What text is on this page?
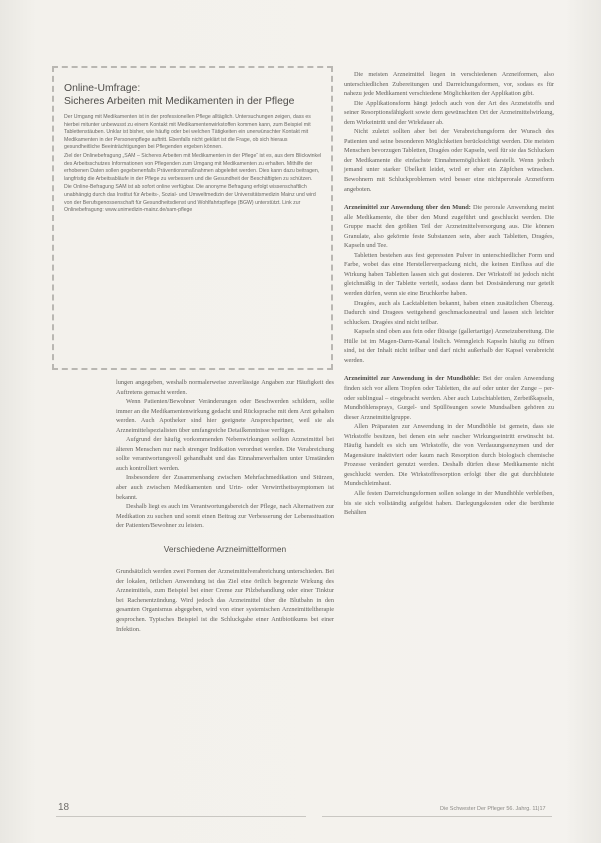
Online-Umfrage:
Sicheres Arbeiten mit Medikamenten in der Pflege

Der Umgang mit Medikamenten ist in der professionellen Pflege alltäglich. Untersuchungen zeigen, dass es hierbei mitunter unbewusst zu einem Kontakt mit Medikamentenwirkstoffen kommen kann, zum Beispiel mit Tablettenstäuben. Unklar ist bisher, wie häufig oder bei welchen Tätigkeiten ein unerwünschter Kontakt mit Medikamenten in der Personenpflege auftritt. Ebenfalls nicht geklärt ist die Frage, ob sich hieraus gesundheitliche Beeinträchtigungen bei Pflegenden ergeben können.

Ziel der Onlinebefragung „SAM – Sicheres Arbeiten mit Medikamenten in der Pflege“ ist es, aus dem Blickwinkel des Arbeitsschutzes Informationen von Pflegenden zum Umgang mit Medikamenten zu erhalten. Mithilfe der erhobenen Daten sollen gegebenenfalls Präventionsmaßnahmen abgeleitet werden. Dies kann dazu beitragen, langfristig die Arbeitsabläufe in der Pflege zu verbessern und die Gesundheit der Beschäftigten zu schützen.

Die Online-Befragung SAM ist ab sofort online verfügbar. Die anonyme Befragung erfolgt wissenschaftlich unabhängig durch das Institut für Arbeits-, Sozial- und Umweltmedizin der Universitätsmedizin Mainz und wird von der Berufsgenossenschaft für Gesundheitsdienst und Wohlfahrtspflege (BGW) unterstützt. Link zur Onlinebefragung: www.unimedizin-mainz.de/sam-pflege

lungen angegeben, weshalb normalerweise zuverlässige Angaben zur Häufigkeit des Auftretens gemacht werden.

Wenn Patienten/Bewohner Veränderungen oder Beschwerden schildern, sollte immer an die Medikamentenwirkung gedacht und Rücksprache mit dem Arzt gehalten werden. Auch Apotheker sind hier geeignete Ansprechpartner, weil sie als Arzneimittelspezialisten über umfangreiche Detailkenntnisse verfügen.

Aufgrund der häufig vorkommenden Nebenwirkungen sollten Arzneimittel bei älteren Menschen nur nach strenger Indikation verordnet werden. Die Verabreichung sollte verantwortungsvoll gehandhabt und das Einnahmeverhalten unter Umständen auch kontrolliert werden.

Insbesondere der Zusammenhang zwischen Mehrfachmedikation und Stürzen, aber auch zwischen Medikamenten und Urin- oder Verwirrtheitssymptomen ist bekannt.

Deshalb liegt es auch im Verantwortungsbereich der Pflege, nach Alternativen zur Medikation zu suchen und somit einen Beitrag zur Verbesserung der Lebenssituation der Patienten/Bewohner zu leisten.

Verschiedene Arzneimittelformen

Grundsätzlich werden zwei Formen der Arzneimittelverabreichung unterschieden. Bei der lokalen, örtlichen Anwendung ist das Ziel eine örtlich begrenzte Wirkung des Arzneimittels, zum Beispiel bei einer Creme zur Pilzbehandlung oder einer Tinktur bei Rachenentzündung. Wird jedoch das Arzneimittel über die Blutbahn in den gesamten Organismus abgegeben, wird von einer systemischen Arzneimitteltherapie gesprochen. Typisches Beispiel ist die Schluckgabe einer Antibiotikums bei einer Infektion.

Die meisten Arzneimittel liegen in verschiedenen Arzneiformen, also unterschiedlichen Zubereitungen und Darreichungsformen, vor, sodass es für nahezu jede Medikament verschiedene Möglichkeiten der Applikation gibt.

Die Applikationsform hängt jedoch auch von der Art des Arzneistoffs und seiner Resorptionsfähigkeit sowie dem gewünschten Ort der Arzneimittelwirkung, dem Wirkeintritt und der Wirkdauer ab.

Nicht zuletzt sollten aber bei der Verabreichungsform der Wunsch des Patienten und seine besonderen Möglichkeiten berücksichtigt werden. Die meisten Menschen bevorzugen Tabletten, Dragées oder Kapseln, weil für sie das Schlucken der Medikamente die einfachste Einnahmemöglichkeit darstellt. Wenn jedoch jemand unter starker Übelkeit leidet, wird er eher ein Zäpfchen wünschen. Bewohnern mit Schluckproblemen wird besser eine nichtperorale Arzneiform angeboten.

Arzneimittel zur Anwendung über den Mund: Die perorale Anwendung meint alle Medikamente, die über den Mund zugeführt und geschluckt werden. Die Gruppe macht den größten Teil der Arzneimittelversorgung aus. Die können Granulate, also gekörnte feste Substanzen sein, aber auch Tabletten, Dragées, Kapseln und Tee.

Tabletten bestehen aus fest gepressten Pulver in unterschiedlicher Form und Farbe, wobei das eine Herstellerverpackung nicht, die keinen Einfluss auf die Wirkung haben Tabletten lassen sich gut dosieren. Der Wirkstoff ist jedoch nicht gleichmäßig in der Tablette verteilt, sodass dann bei Dosisänderung nur geteilt werden dürfen, wenn sie eine Bruchkerbe haben.

Dragées, auch als Lacktabletten bekannt, haben einen zusätzlichen Überzug. Dadurch sind Dragees weitgehend geschmacksneutral und lassen sich leichter schlucken. Dragées sind nicht teilbar.

Kapseln sind oben aus fein oder flüssige (gallertartige) Arzneizubereitung. Die Hülle ist im Magen-Darm-Kanal löslich. Wenngleich Kapseln häufig zu öffnen sind, ist der Inhalt nicht teilbar und darf nicht außerhalb der Kapsel verabreicht werden.

Arzneimittel zur Anwendung in der Mundhöhle: Bei der oralen Anwendung finden sich vor allem Tropfen oder Tabletten, die auf oder unter der Zunge – per- oder sublingual – eingebracht werden. Aber auch Lutschtabletten, Zerbeißkapseln, Mundhöhlensprays, Gurgel- und Spüllösungen sowie Mundsalben gehören zu dieser Arzneimittelgruppe.

Allen Präparaten zur Anwendung in der Mundhöhle ist gemein, dass sie Wirkstoffe besitzen, bei denen ein sehr rascher Wirkungseintritt erwünscht ist. Häufig handelt es sich um Wirkstoffe, die von Verdauungsenzymen und der Magensäure inaktiviert oder kaum nach Resorption durch biologisch chemische Prozesse verändert genutzt werden. Deshalb dürfen diese Medikamente nicht geschluckt werden. Die Wirkstoffresorption erfolgt über die gut durchblutete Mundschleimhaut.

Alle festen Darreichungsformen sollen solange in der Mundhöhle verbleiben, bis sie sich vollständig aufgelöst haben. Darlegungskosten oder die berühmte Behälten

18	Die Schwester Der Pfleger 56. Jahrg. 11|17
